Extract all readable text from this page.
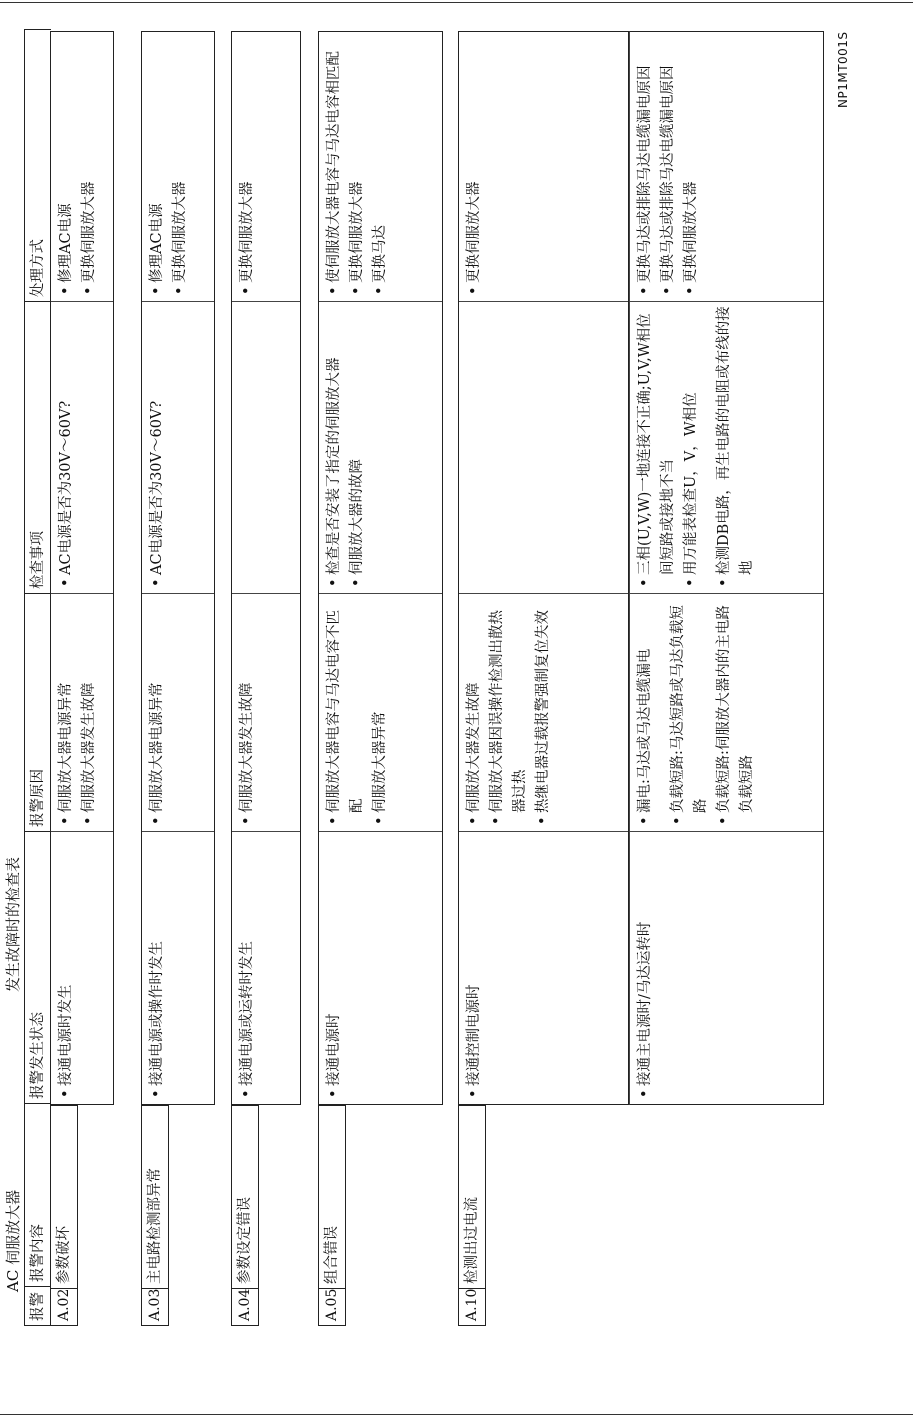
AC 伺服放大器
发生故障时的检查表
NP1MT001S
报警
报警内容
报警发生状态
报警原因
检查事项
处理方式
A.02
参数破坏
• 接通电源时发生
• 伺服放大器电源异常 • 伺服放大器发生故障
• AC电源是否为30V～60V?
• 修理AC电源 • 更换伺服放大器
A.03
主电路检测部异常
• 接通电源或操作时发生
• 伺服放大器电源异常
• AC电源是否为30V～60V?
• 修理AC电源 • 更换伺服放大器
A.04
参数设定错误
• 接通电源或运转时发生
• 伺服放大器发生故障
• 更换伺服放大器
A.05
组合错误
• 接通电源时
• 伺服放大器电容与马达电容不匹配 • 伺服放大器异常
• 检查是否安装了指定的伺服放大器 • 伺服放大器的故障
• 使伺服放大器电容与马达电容相匹配 • 更换伺服放大器 • 更换马达
A.10
检测出过电流
• 接通控制电源时
• 伺服放大器发生故障 • 伺服放大器因误操作检测出散热器过热 • 热继电器过载报警强制复位失效
• 更换伺服放大器
• 接通主电源时/马达运转时
• 漏电:马达或马达电缆漏电 • 负载短路:马达短路或马达负载短路 • 负载短路:伺服放大器内的主电路负载短路
• 三相(U,V,W)一地连接不正确;U,V,W相位间短路或接地不当 • 用万能表检查U，V，W相位 • 检测DB电路，再生电路的电阻或布线的接地
• 更换马达或排除马达电缆漏电原因 • 更换马达或排除马达电缆漏电原因 • 更换伺服放大器
